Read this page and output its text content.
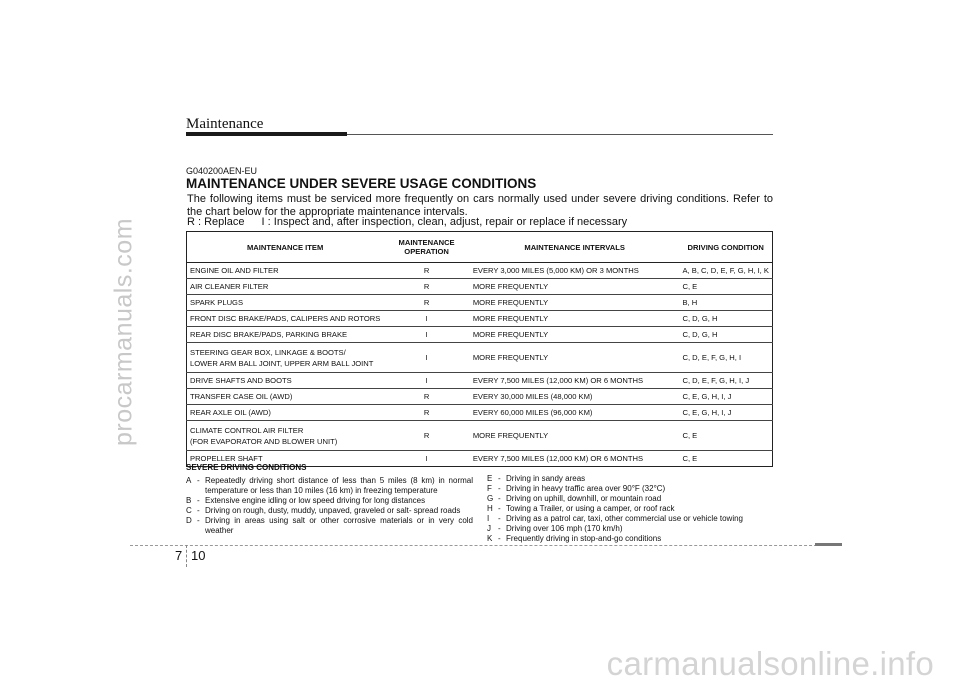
procarmanuals.com
Maintenance
G040200AEN-EU
MAINTENANCE UNDER SEVERE USAGE CONDITIONS
The following items must be serviced more frequently on cars normally used under severe driving conditions. Refer to the chart below for the appropriate maintenance intervals.
R : Replace I : Inspect and, after inspection, clean, adjust, repair or replace if necessary
MAINTENANCE ITEM	MAINTENANCE OPERATION	MAINTENANCE INTERVALS	DRIVING CONDITION

ENGINE OIL AND FILTER	R	EVERY 3,000 MILES (5,000 KM) OR 3 MONTHS	A, B, C, D, E, F, G, H, I, K

AIR CLEANER FILTER	R	MORE FREQUENTLY	C, E

SPARK PLUGS	R	MORE FREQUENTLY	B, H

FRONT DISC BRAKE/PADS, CALIPERS AND ROTORS	I	MORE FREQUENTLY	C, D, G, H

REAR DISC BRAKE/PADS, PARKING BRAKE	I	MORE FREQUENTLY	C, D, G, H

STEERING GEAR BOX, LINKAGE & BOOTS/
LOWER ARM BALL JOINT, UPPER ARM BALL JOINT	I	MORE FREQUENTLY	C, D, E, F, G, H, I

DRIVE SHAFTS AND BOOTS	I	EVERY 7,500 MILES (12,000 KM) OR 6 MONTHS	C, D, E, F, G, H, I, J

TRANSFER CASE OIL (AWD)	R	EVERY 30,000 MILES (48,000 KM)	C, E, G, H, I, J

REAR AXLE OIL (AWD)	R	EVERY 60,000 MILES (96,000 KM)	C, E, G, H, I, J

CLIMATE CONTROL AIR FILTER
(FOR EVAPORATOR AND BLOWER UNIT)	R	MORE FREQUENTLY	C, E

PROPELLER SHAFT	I	EVERY 7,500 MILES (12,000 KM) OR 6 MONTHS	C, E
SEVERE DRIVING CONDITIONS
A - Repeatedly driving short distance of less than 5 miles (8 km) in normal temperature or less than 10 miles (16 km) in freezing temperature
B - Extensive engine idling or low speed driving for long distances
C - Driving on rough, dusty, muddy, unpaved, graveled or salt- spread roads
D - Driving in areas using salt or other corrosive materials or in very cold weather
E - Driving in sandy areas
F - Driving in heavy traffic area over 90°F (32°C)
G - Driving on uphill, downhill, or mountain road
H - Towing a Trailer, or using a camper, or roof rack
I	- Driving as a patrol car, taxi, other commercial use or vehicle towing
J - Driving over 106 mph (170 km/h)
K - Frequently driving in stop-and-go conditions
7 10
carmanualsonline.info
